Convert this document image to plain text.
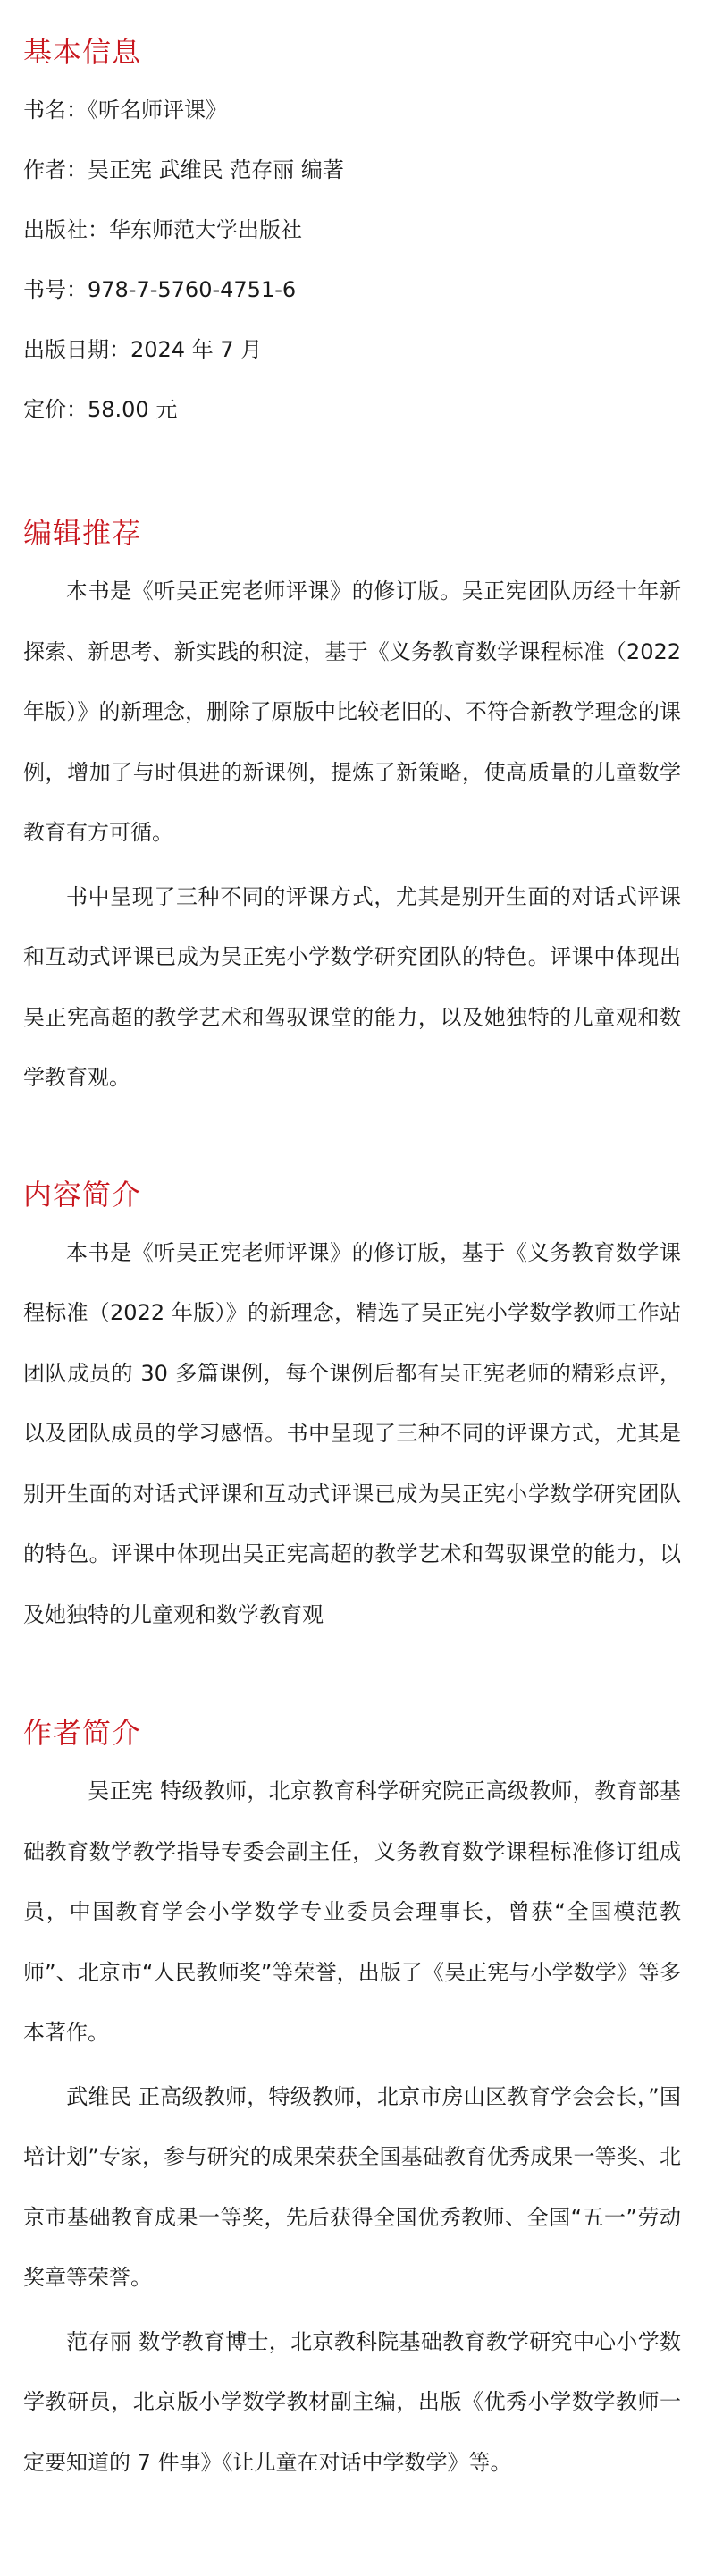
基本信息

书名：《听名师评课》

作者：吴正宪 武维民 范存丽 编著

出版社：华东师范大学出版社

书号：978-7-5760-4751-6

出版日期：2024 年 7 月

定价：58.00 元

编辑推荐

本书是《听吴正宪老师评课》的修订版。吴正宪团队历经十年新探索、新思考、新实践的积淀，基于《义务教育数学课程标准（2022 年版）》的新理念，删除了原版中比较老旧的、不符合新教学理念的课例，增加了与时俱进的新课例，提炼了新策略，使高质量的儿童数学教育有方可循。

书中呈现了三种不同的评课方式，尤其是别开生面的对话式评课和互动式评课已成为吴正宪小学数学研究团队的特色。评课中体现出吴正宪高超的教学艺术和驾驭课堂的能力，以及她独特的儿童观和数学教育观。

内容简介

本书是《听吴正宪老师评课》的修订版，基于《义务教育数学课程标准（2022 年版）》的新理念，精选了吴正宪小学数学教师工作站团队成员的 30 多篇课例，每个课例后都有吴正宪老师的精彩点评，以及团队成员的学习感悟。书中呈现了三种不同的评课方式，尤其是别开生面的对话式评课和互动式评课已成为吴正宪小学数学研究团队的特色。评课中体现出吴正宪高超的教学艺术和驾驭课堂的能力，以及她独特的儿童观和数学教育观

作者简介

吴正宪 特级教师，北京教育科学研究院正高级教师，教育部基础教育数学教学指导专委会副主任，义务教育数学课程标准修订组成员，中国教育学会小学数学专业委员会理事长，曾获“全国模范教师”、北京市“人民教师奖”等荣誉，出版了《吴正宪与小学数学》等多本著作。

武维民 正高级教师，特级教师，北京市房山区教育学会会长，”国培计划”专家，参与研究的成果荣获全国基础教育优秀成果一等奖、北京市基础教育成果一等奖，先后获得全国优秀教师、全国“五一”劳动奖章等荣誉。

范存丽 数学教育博士，北京教科院基础教育教学研究中心小学数学教研员，北京版小学数学教材副主编，出版《优秀小学数学教师一定要知道的 7 件事》《让儿童在对话中学数学》等。
